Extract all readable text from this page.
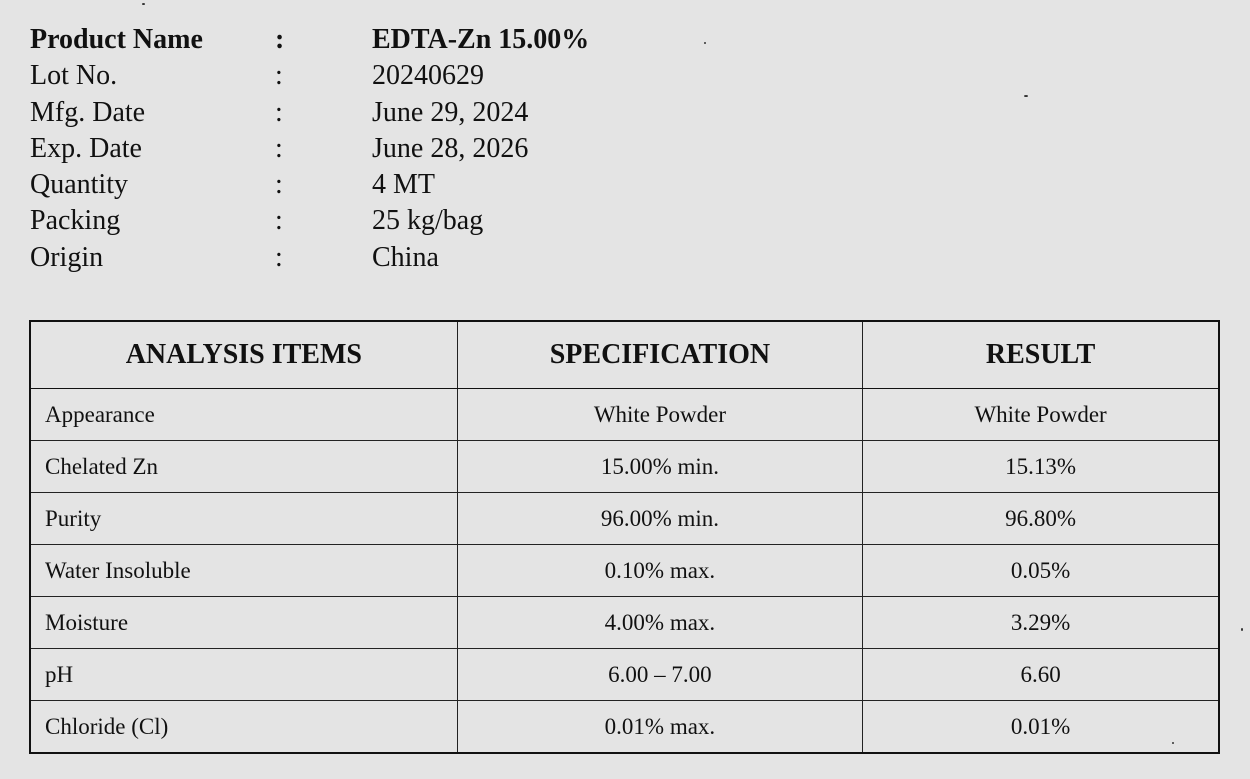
Product Name	:	EDTA-Zn 15.00%
Lot No.	:	20240629
Mfg. Date	:	June 29, 2024
Exp. Date	:	June 28, 2026
Quantity	:	4 MT
Packing	:	25 kg/bag
Origin	:	China
ANALYSIS ITEMS	SPECIFICATION	RESULT
Appearance	White Powder	White Powder
Chelated Zn	15.00% min.	15.13%
Purity	96.00% min.	96.80%
Water Insoluble	0.10% max.	0.05%
Moisture	4.00% max.	3.29%
pH	6.00 – 7.00	6.60
Chloride (Cl)	0.01% max.	0.01%
